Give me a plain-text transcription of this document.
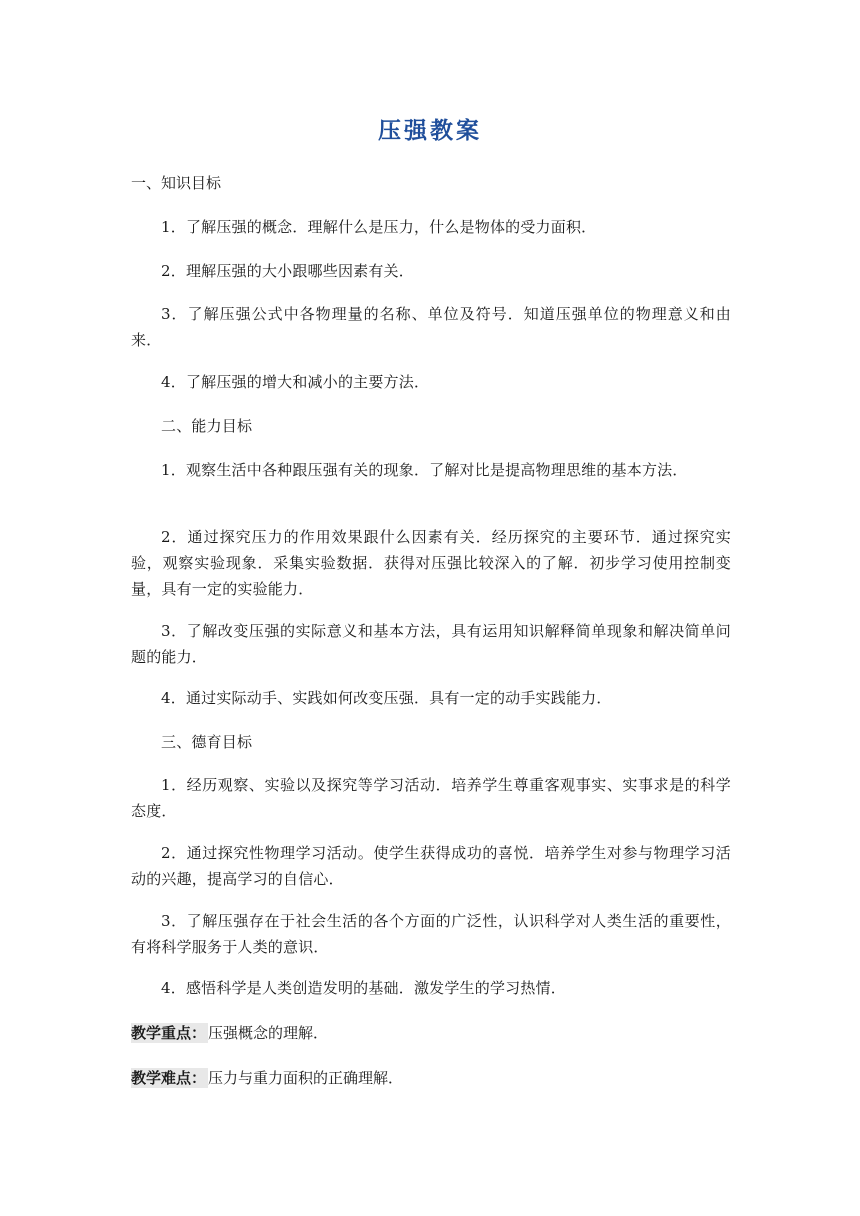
压强教案
一、知识目标
1．了解压强的概念．理解什么是压力，什么是物体的受力面积．
2．理解压强的大小跟哪些因素有关．
3．了解压强公式中各物理量的名称、单位及符号．知道压强单位的物理意义和由来．
4．了解压强的增大和减小的主要方法．
二、能力目标
1．观察生活中各种跟压强有关的现象．了解对比是提高物理思维的基本方法．
2．通过探究压力的作用效果跟什么因素有关．经历探究的主要环节．通过探究实验，观察实验现象．采集实验数据．获得对压强比较深入的了解．初步学习使用控制变量，具有一定的实验能力．
3．了解改变压强的实际意义和基本方法，具有运用知识解释简单现象和解决简单问题的能力．
4．通过实际动手、实践如何改变压强．具有一定的动手实践能力．
三、德育目标
1．经历观察、实验以及探究等学习活动．培养学生尊重客观事实、实事求是的科学态度．
2．通过探究性物理学习活动。使学生获得成功的喜悦．培养学生对参与物理学习活动的兴趣，提高学习的自信心．
3．了解压强存在于社会生活的各个方面的广泛性，认识科学对人类生活的重要性，有将科学服务于人类的意识．
4．感悟科学是人类创造发明的基础．激发学生的学习热情．
教学重点： 压强概念的理解．
教学难点： 压力与重力面积的正确理解．
